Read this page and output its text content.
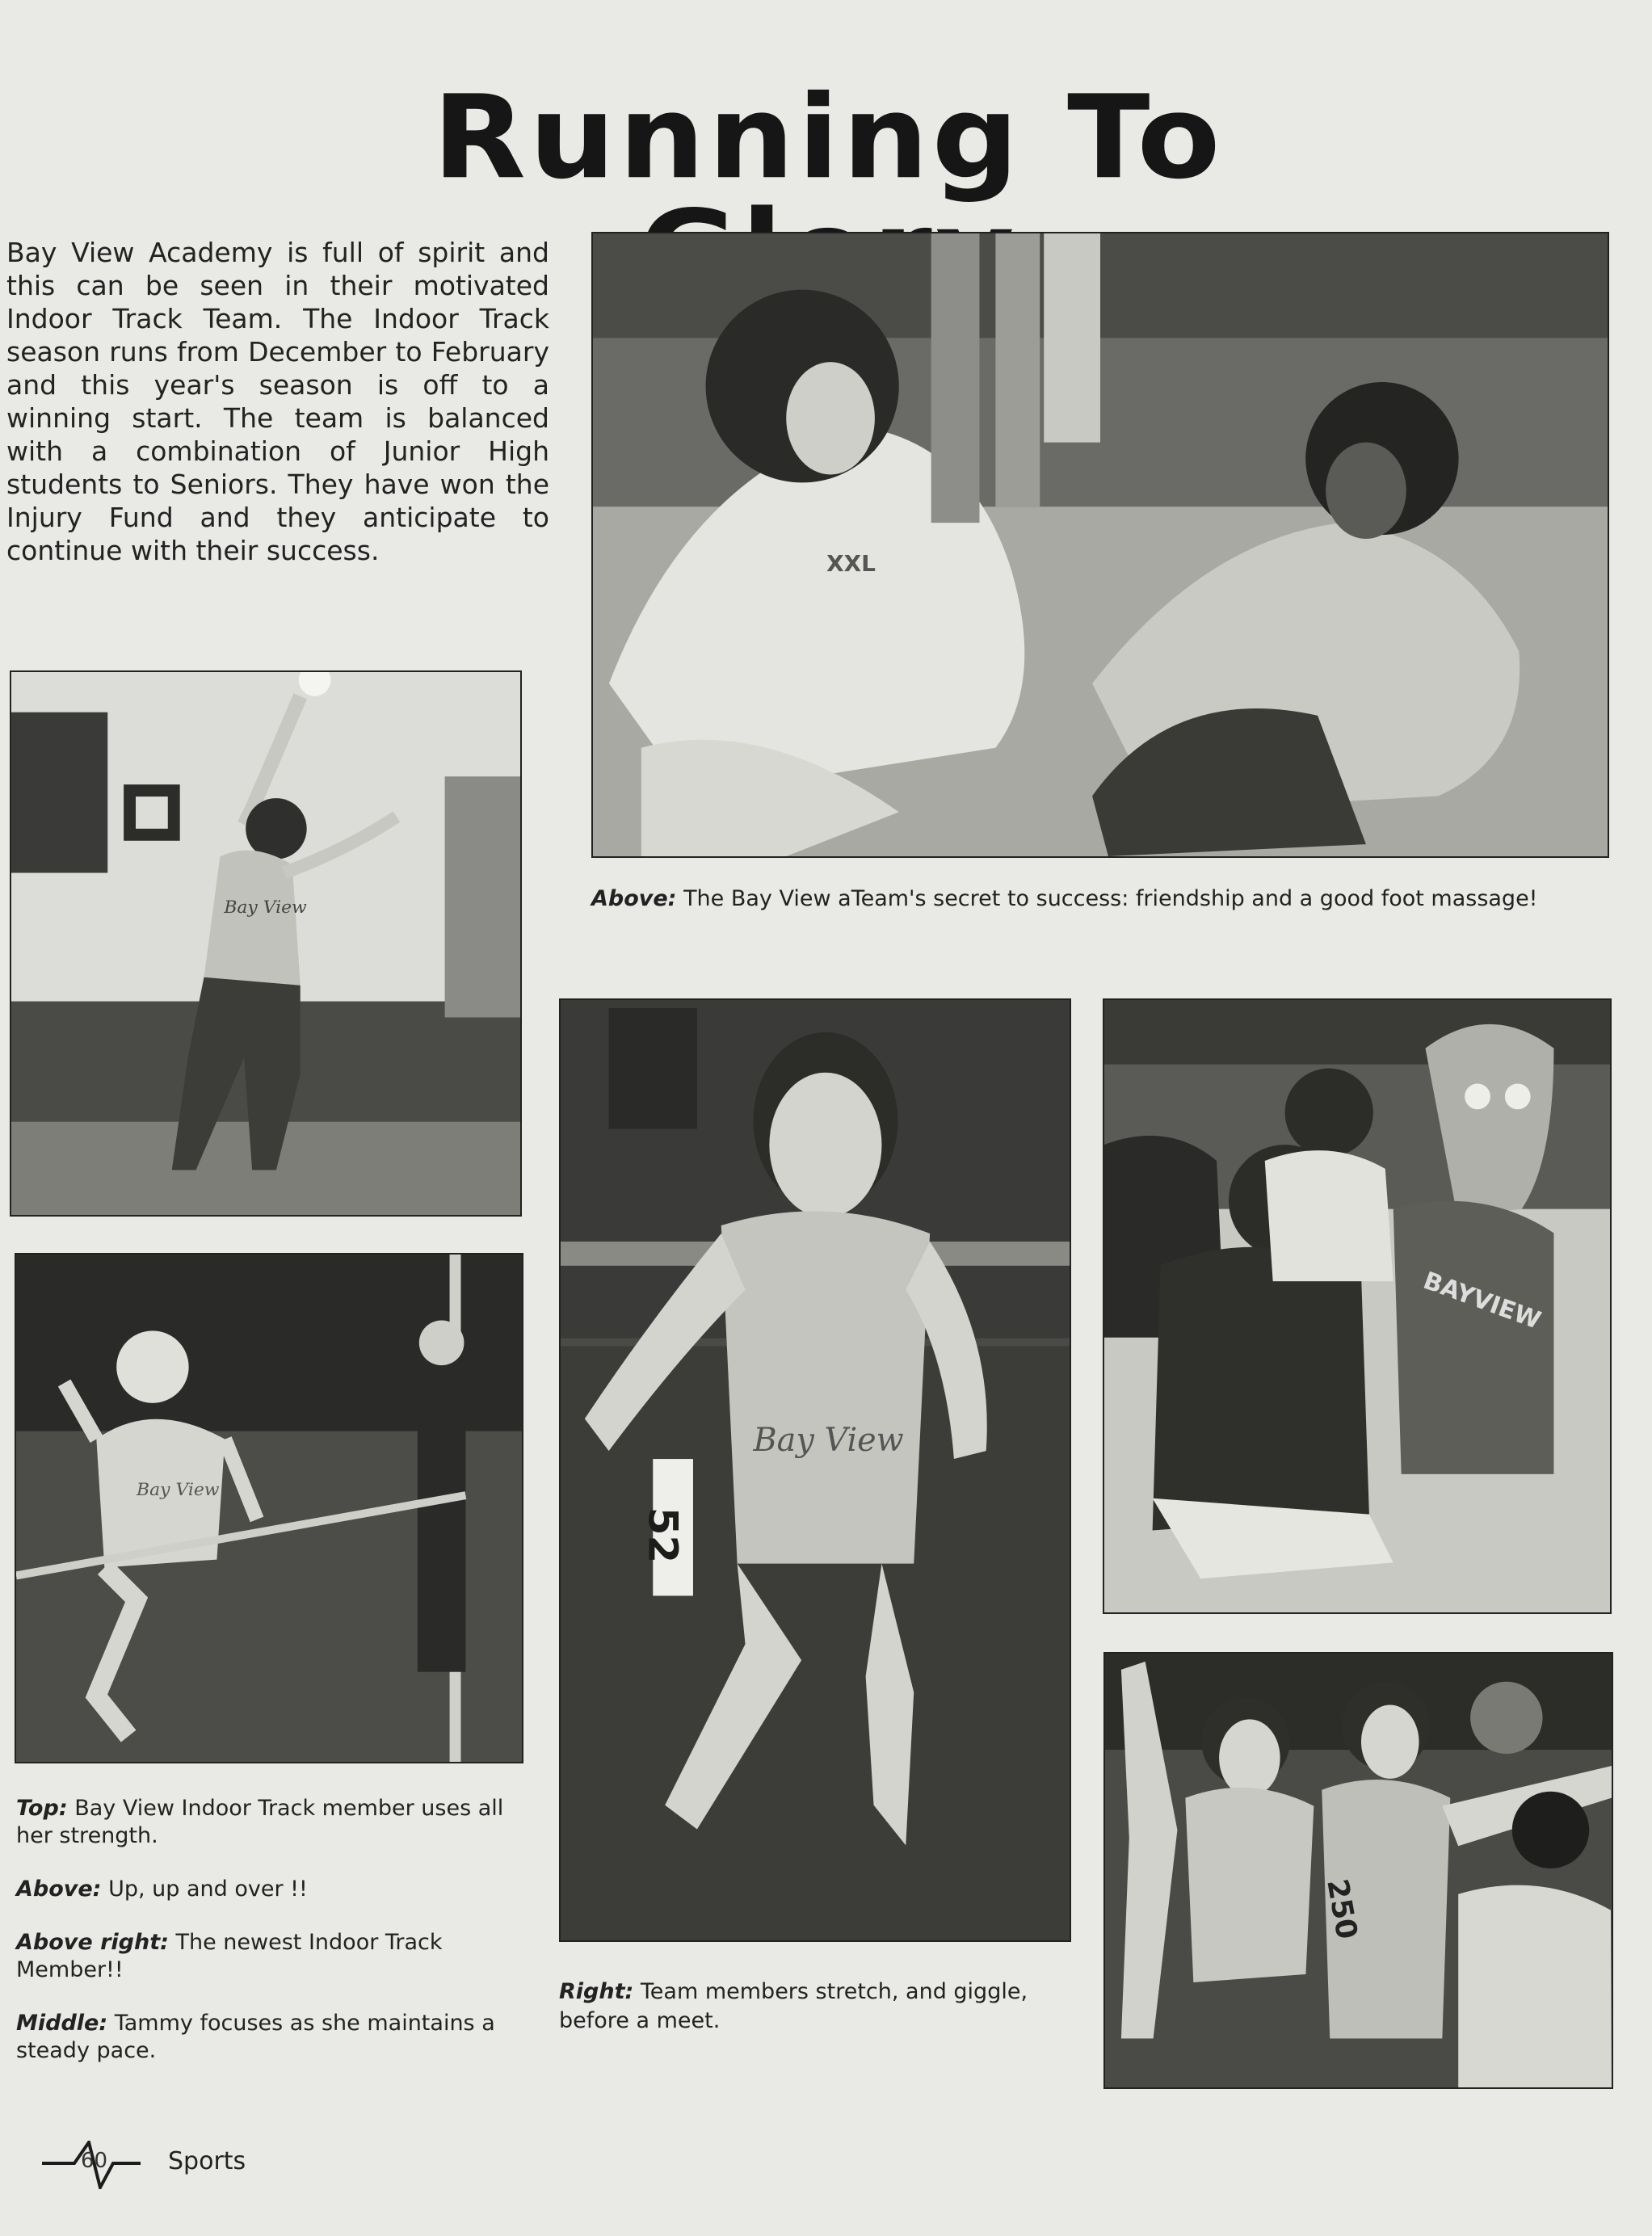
Running To

Bay View Academy is full of spirit and this can be seen in their motivated Indoor Track Team. The Indoor Track season runs from December to February and this year's season is off to a winning start. The team is balanced with a combination of Junior High students to Seniors. They have won the Injury Fund and they anticipate to continue with their success.	XXL
Above: The Bay View aTeam's secret to success: friendship and a good foot massage!
Bay View
Bay View

Top: Bay View Indoor Track member uses all her strength.

Above: Up, up and over !!

Above right: The newest Indoor Track Member!!

Middle: Tammy focuses as she maintains a steady pace.

52
Bay View
Right: Team members stretch, and giggle, before a meet.
BAYVIEW
250
60 Sports
